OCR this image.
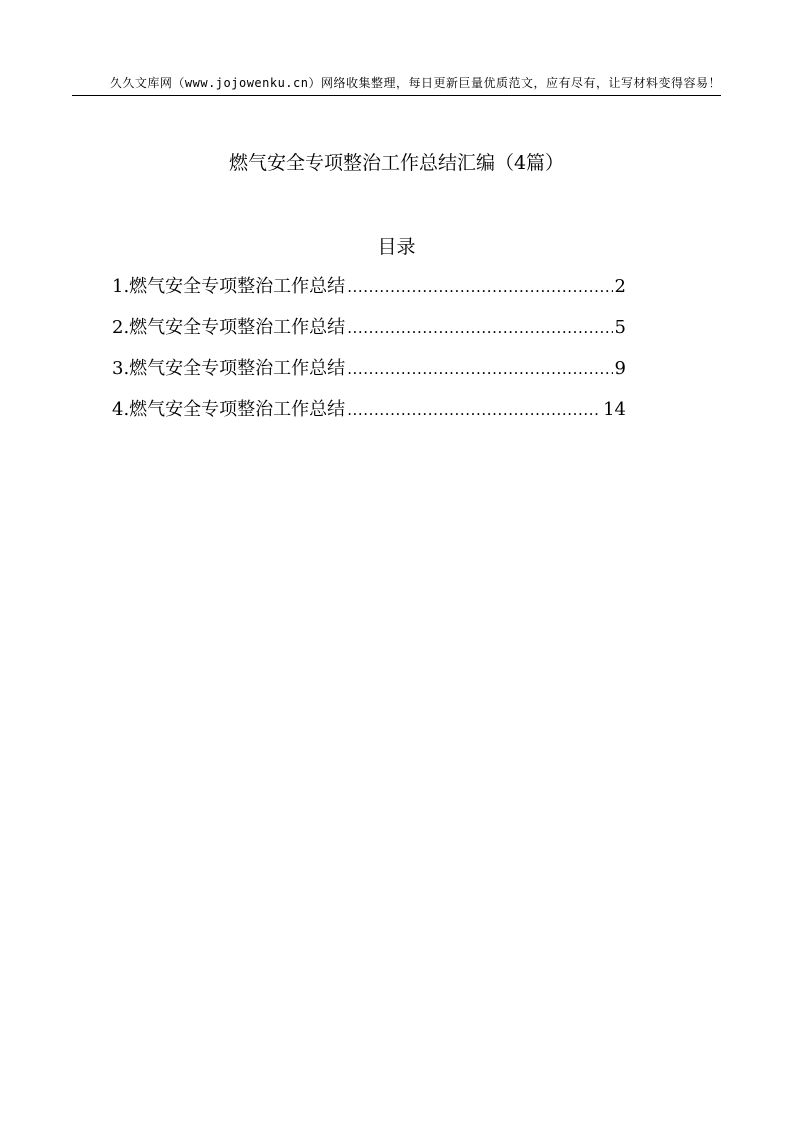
久久文库网（www.jojowenku.cn）网络收集整理，每日更新巨量优质范文，应有尽有，让写材料变得容易！
燃气安全专项整治工作总结汇编（4篇）
目录
1.燃气安全专项整治工作总结 .....	2
2.燃气安全专项整治工作总结 .....	5
3.燃气安全专项整治工作总结 .....	9
4.燃气安全专项整治工作总结 .....	14
